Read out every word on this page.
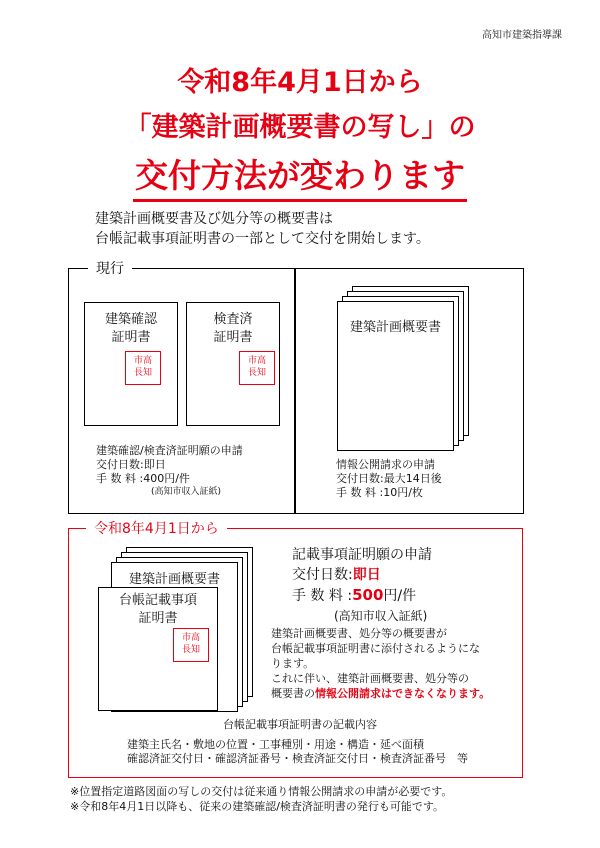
高知市建築指導課
令和8年4月1日から
「建築計画概要書の写し」の
交付方法が変わります
建築計画概要書及び処分等の概要書は
台帳記載事項証明書の一部として交付を開始します。
現行
建築確認
証明書
市高
長知
検査済
証明書
市高
長知
建築確認/検査済証明願の申請
交付日数:即日
手 数 料 :400円/件
(高知市収入証紙)
建築計画概要書
情報公開請求の申請
交付日数:最大14日後
手 数 料 :10円/枚
令和8年4月1日から
建築計画概要書
台帳記載事項
証明書
市高
長知
記載事項証明願の申請
交付日数:即日
手 数 料 :500円/件
(高知市収入証紙)
建築計画概要書、処分等の概要書が
台帳記載事項証明書に添付されるようにな
ります。
これに伴い、建築計画概要書、処分等の
概要書の情報公開請求はできなくなります。
台帳記載事項証明書の記載内容
建築主氏名・敷地の位置・工事種別・用途・構造・延べ面積
確認済証交付日・確認済証番号・検査済証交付日・検査済証番号　等
※位置指定道路図面の写しの交付は従来通り情報公開請求の申請が必要です。
※令和8年4月1日以降も、従来の建築確認/検査済証明書の発行も可能です。
